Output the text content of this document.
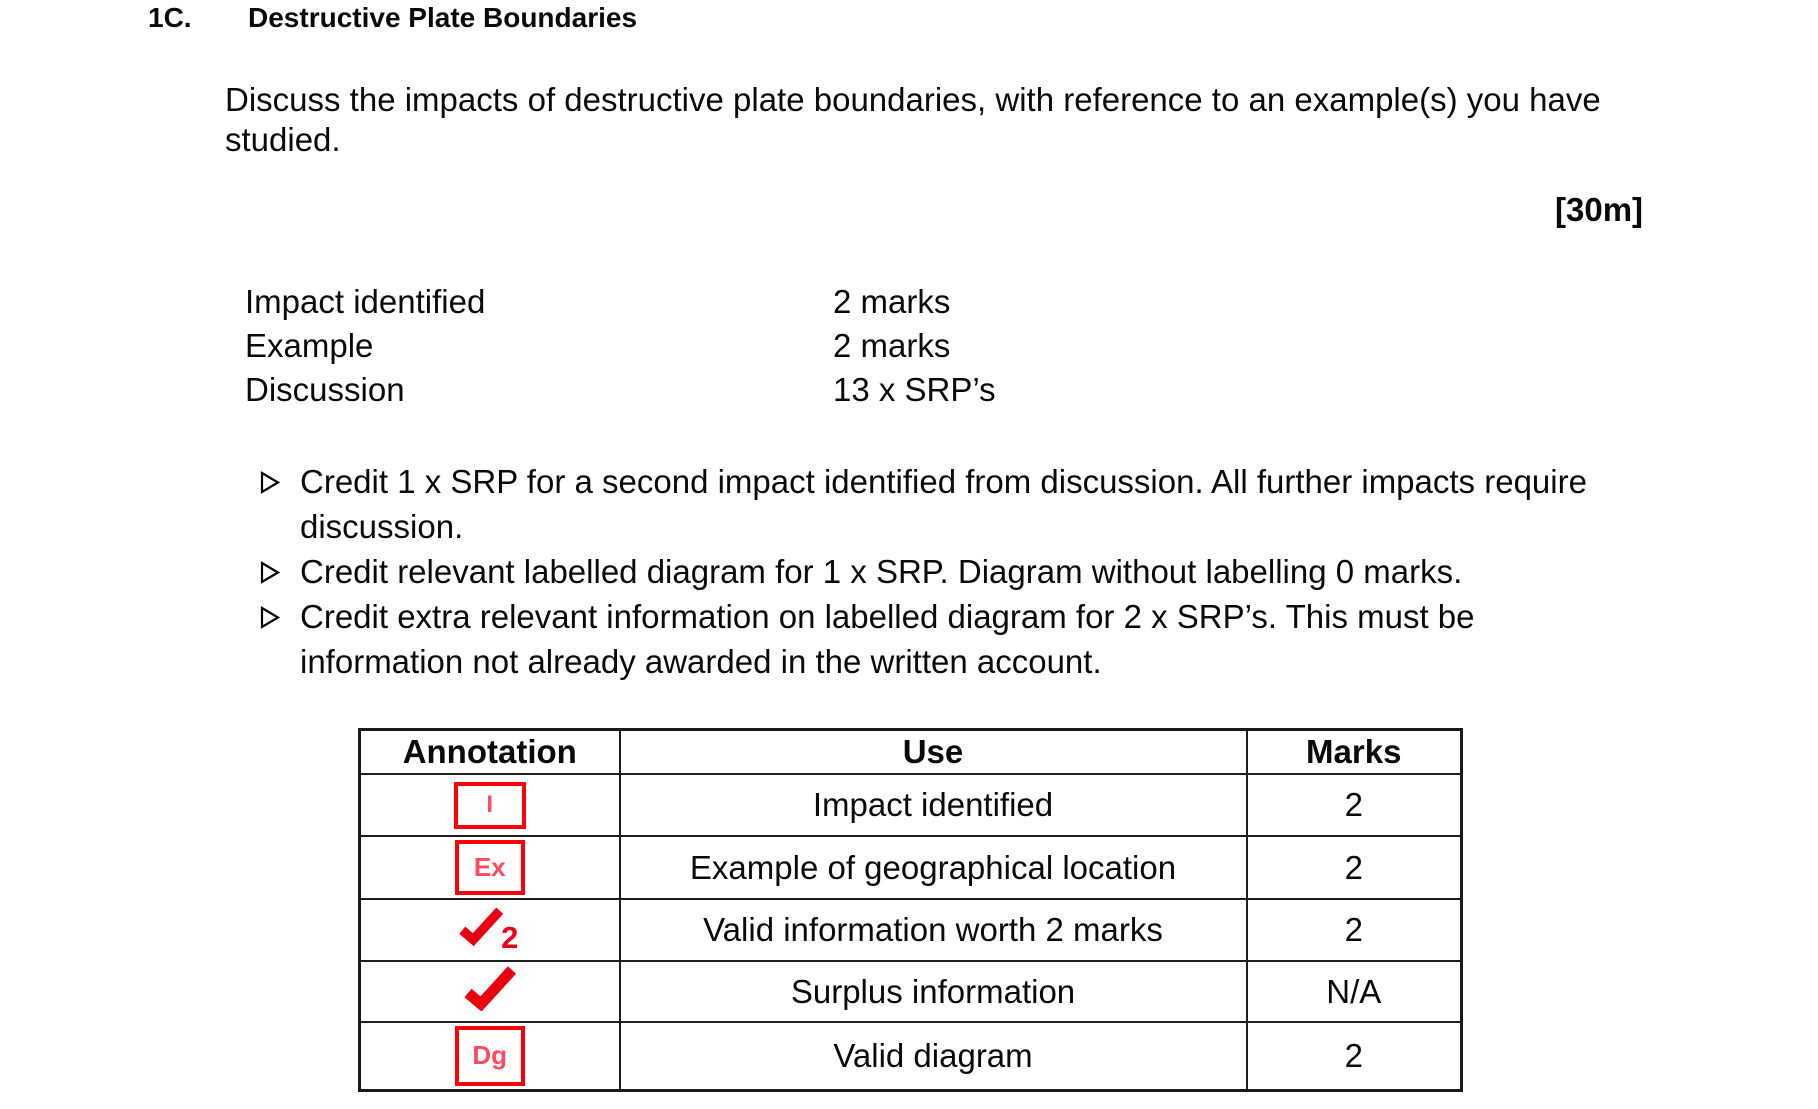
1C. Destructive Plate Boundaries
Discuss the impacts of destructive plate boundaries, with reference to an example(s) you have studied.
[30m]
Impact identified	2 marks
Example	2 marks
Discussion	13 x SRP’s
Credit 1 x SRP for a second impact identified from discussion. All further impacts require discussion.
Credit relevant labelled diagram for 1 x SRP. Diagram without labelling 0 marks.
Credit extra relevant information on labelled diagram for 2 x SRP’s. This must be information not already awarded in the written account.
Annotation	Use	Marks

I	Impact identified	2

Ex	Example of geographical location	2

2	Valid information worth 2 marks	2

	Surplus information	N/A

Dg	Valid diagram	2
